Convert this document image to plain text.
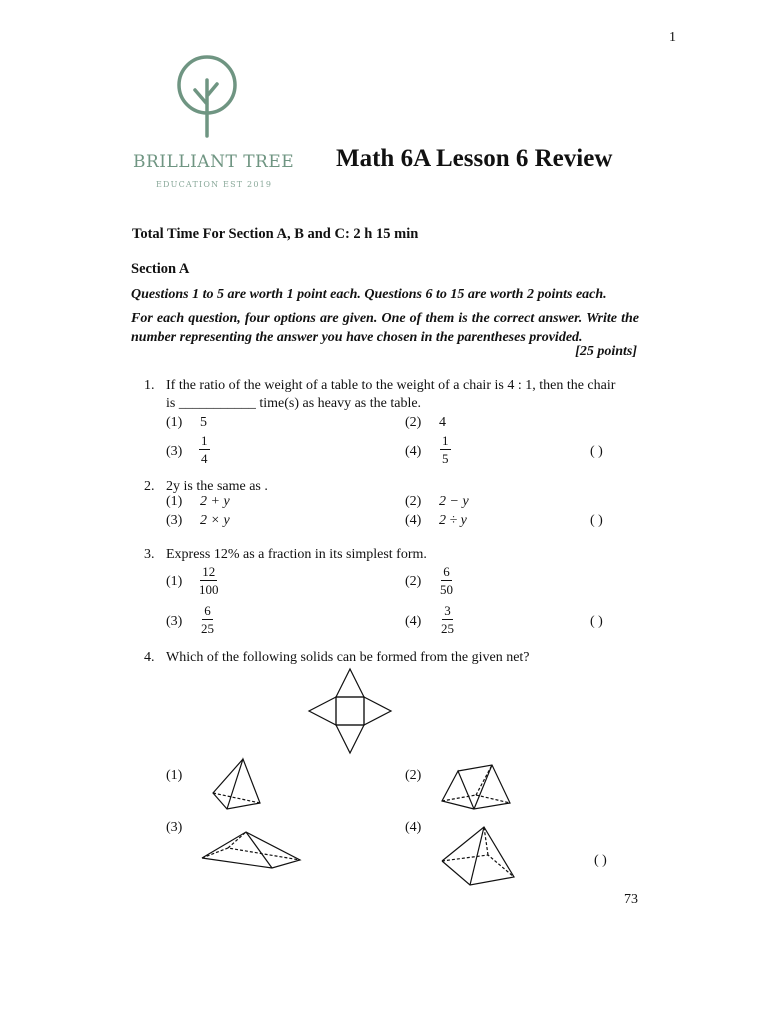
1
BRILLIANT TREE
EDUCATION EST 2019
Math 6A Lesson 6 Review
Total Time For Section A, B and C: 2 h 15 min
Section A
Questions 1 to 5 are worth 1 point each. Questions 6 to 15 are worth 2 points each.
For each question, four options are given. One of them is the correct answer. Write the number representing the answer you have chosen in the parentheses provided.
[25 points]
1. If the ratio of the weight of a table to the weight of a chair is 4 : 1, then the chair
is ___________ time(s) as heavy as the table.
(1) 5	(2) 4
$(3) \frac{1}{4}$	$(4) \frac{1}{5}$	( )
2. 2y is the same as .
(1) 2 + y	(2) 2 − y
(3) 2 × y	(4) 2 ÷ y	( )
3. Express 12% as a fraction in its simplest form.
$(1) \frac{12}{100}$	$(2) \frac{6}{50}$
$(3) \frac{6}{25}$	$(4) \frac{3}{25}$	( )
4. Which of the following solids can be formed from the given net?
(1)	(2)
(3)	(4)
( )
73
